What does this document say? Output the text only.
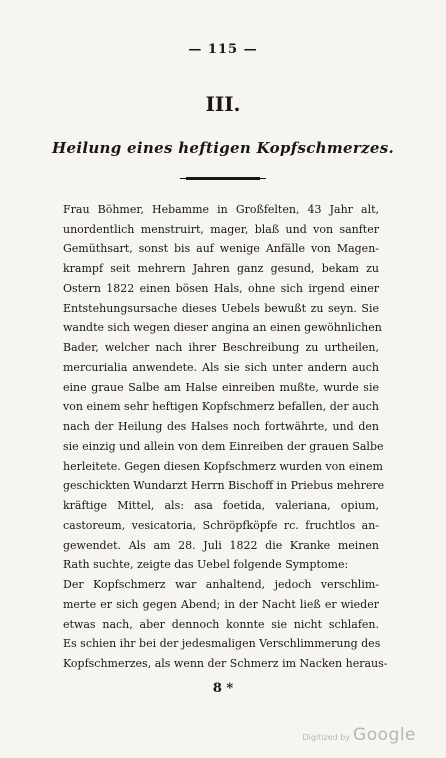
— 115 —
III.
Heilung eines heftigen Kopfschmerzes.
Frau Böhmer, Hebamme in Großfelten, 43 Jahr alt,
unordentlich menstruirt, mager, blaß und von sanfter
Gemüthsart, sonst bis auf wenige Anfälle von Magen-
krampf seit mehrern Jahren ganz gesund, bekam zu
Ostern 1822 einen bösen Hals, ohne sich irgend einer
Entstehungsursache dieses Uebels bewußt zu seyn. Sie
wandte sich wegen dieser angina an einen gewöhnlichen
Bader, welcher nach ihrer Beschreibung zu urtheilen,
mercurialia anwendete. Als sie sich unter andern auch
eine graue Salbe am Halse einreiben mußte, wurde sie
von einem sehr heftigen Kopfschmerz befallen, der auch
nach der Heilung des Halses noch fortwährte, und den
sie einzig und allein von dem Einreiben der grauen Salbe
herleitete. Gegen diesen Kopfschmerz wurden von einem
geschickten Wundarzt Herrn Bischoff in Priebus mehrere
kräftige Mittel, als: asa foetida, valeriana, opium,
castoreum, vesicatoria, Schröpfköpfe rc. fruchtlos an-
gewendet. Als am 28. Juli 1822 die Kranke meinen
Rath suchte, zeigte das Uebel folgende Symptome:
Der Kopfschmerz war anhaltend, jedoch verschlim-
merte er sich gegen Abend; in der Nacht ließ er wieder
etwas nach, aber dennoch konnte sie nicht schlafen.
Es schien ihr bei der jedesmaligen Verschlimmerung des
Kopfschmerzes, als wenn der Schmerz im Nacken heraus-
8 *
Digitized by Google
